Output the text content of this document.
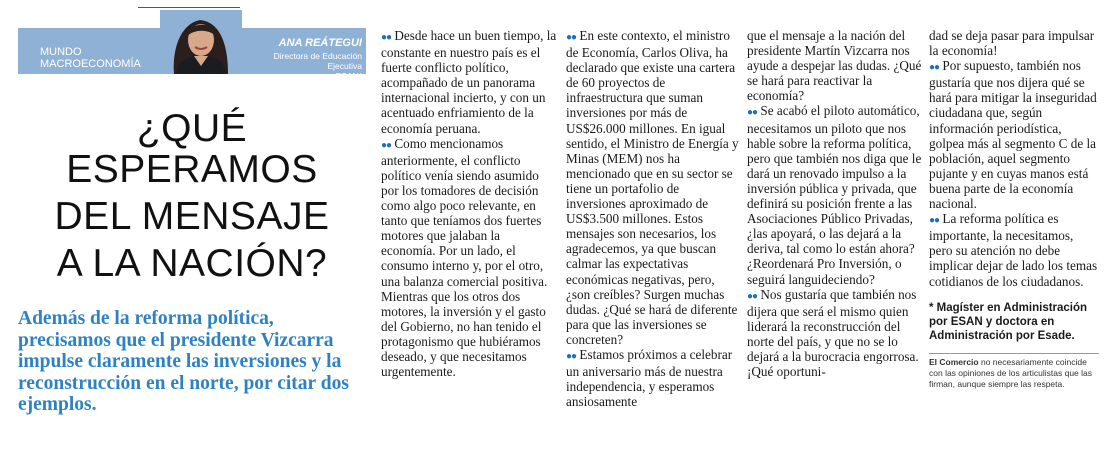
MUNDO
MACROECONOMÍA
ANA REÁTEGUI
Directora de Educación Ejecutiva
en ESAN*
¿QUÉ ESPERAMOS
DEL MENSAJE
A LA NACIÓN?
Además de la reforma política, precisamos que el presidente Vizcarra impulse claramente las inversiones y la reconstrucción en el norte, por citar dos ejemplos.

●● Desde hace un buen tiempo, la constante en nuestro país es el fuerte conflicto político, acompañado de un panorama internacional incierto, y con un acentuado enfriamiento de la economía peruana.

●● Como mencionamos anteriormente, el conflicto político venía siendo asumido por los tomadores de decisión como algo poco relevante, en tanto que teníamos dos fuertes motores que jalaban la economía. Por un lado, el consumo interno y, por el otro, una balanza comercial positiva. Mientras que los otros dos motores, la inversión y el gasto del Gobierno, no han tenido el protagonismo que hubiéramos deseado, y que necesitamos urgentemente.

●● En este contexto, el ministro de Economía, Carlos Oliva, ha declarado que existe una cartera de 60 proyectos de infraestructura que suman inversiones por más de US$26.000 millones. En igual sentido, el Ministro de Energía y Minas (MEM) nos ha mencionado que en su sector se tiene un portafolio de inversiones aproximado de US$3.500 millones. Estos mensajes son necesarios, los agradecemos, ya que buscan calmar las expectativas económicas negativas, pero, ¿son creíbles? Surgen muchas dudas. ¿Qué se hará de diferente para que las inversiones se concreten?

●● Estamos próximos a celebrar un aniversario más de nuestra independencia, y esperamos ansiosamente

que el mensaje a la nación del presidente Martín Vizcarra nos ayude a despejar las dudas. ¿Qué se hará para reactivar la economía?

●● Se acabó el piloto automático, necesitamos un piloto que nos hable sobre la reforma política, pero que también nos diga que le dará un renovado impulso a la inversión pública y privada, que definirá su posición frente a las Asociaciones Público Privadas, ¿las apoyará, o las dejará a la deriva, tal como lo están ahora? ¿Reordenará Pro Inversión, o seguirá languideciendo?

●● Nos gustaría que también nos dijera que será el mismo quien liderará la reconstrucción del norte del país, y que no se lo dejará a la burocracia engorrosa. ¡Qué oportuni-

dad se deja pasar para impulsar la economía!

●● Por supuesto, también nos gustaría que nos dijera qué se hará para mitigar la inseguridad ciudadana que, según información periodística, golpea más al segmento C de la población, aquel segmento pujante y en cuyas manos está buena parte de la economía nacional.

●● La reforma política es importante, la necesitamos, pero su atención no debe implicar dejar de lado los temas cotidianos de los ciudadanos.

* Magíster en Administración por ESAN y doctora en Administración por Esade.
El Comercio no necesariamente coincide con las opiniones de los articulistas que las firman, aunque siempre las respeta.
